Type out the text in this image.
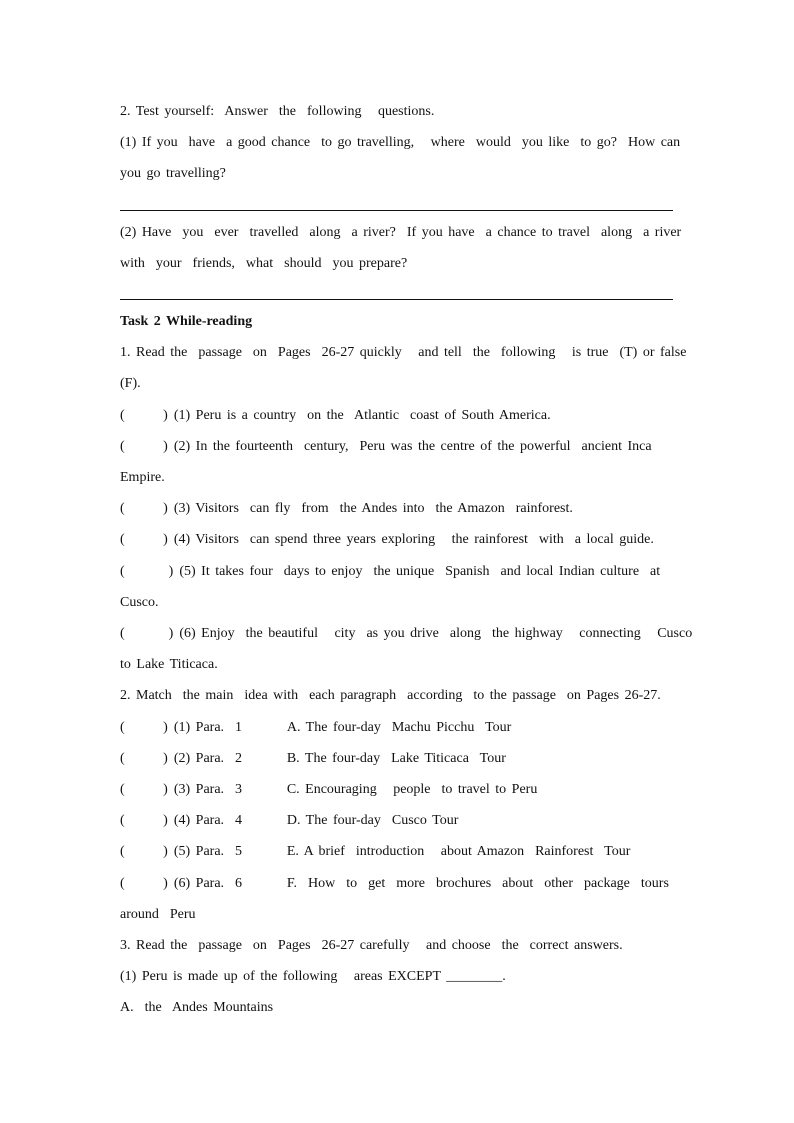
2. Test yourself:  Answer  the  following   questions.
(1) If you  have  a good chance  to go travelling,   where  would  you like  to go?  How can
you go travelling?
(2) Have  you  ever  travelled  along  a river?  If you have  a chance to travel  along  a river
with  your  friends,  what  should  you prepare?
Task 2 While-reading
1. Read the  passage  on  Pages  26-27 quickly   and tell  the  following   is true  (T) or false
(F).
(       ) (1) Peru is a country  on the  Atlantic  coast of South America.
(       ) (2) In the fourteenth  century,  Peru was the centre of the powerful  ancient Inca
Empire.
(       ) (3) Visitors  can fly  from  the Andes into  the Amazon  rainforest.
(       ) (4) Visitors  can spend three years exploring   the rainforest  with  a local guide.
(        ) (5) It takes four  days to enjoy  the unique  Spanish  and local Indian culture  at
Cusco.
(        ) (6) Enjoy  the beautiful   city  as you drive  along  the highway   connecting   Cusco
to Lake Titicaca.
2. Match  the main  idea with  each paragraph  according  to the passage  on Pages 26-27.
(       ) (1) Para.  1	A. The four-day  Machu Picchu  Tour
(       ) (2) Para.  2	B. The four-day  Lake Titicaca  Tour
(       ) (3) Para.  3	C. Encouraging   people  to travel to Peru
(       ) (4) Para.  4	D. The four-day  Cusco Tour
(       ) (5) Para.  5	E. A brief  introduction   about Amazon  Rainforest  Tour
(       ) (6) Para.  6	F.  How  to  get  more  brochures  about  other  package  tours
around  Peru
3. Read the  passage  on  Pages  26-27 carefully   and choose  the  correct answers.
(1) Peru is made up of the following   areas EXCEPT ________.
A.  the  Andes Mountains
